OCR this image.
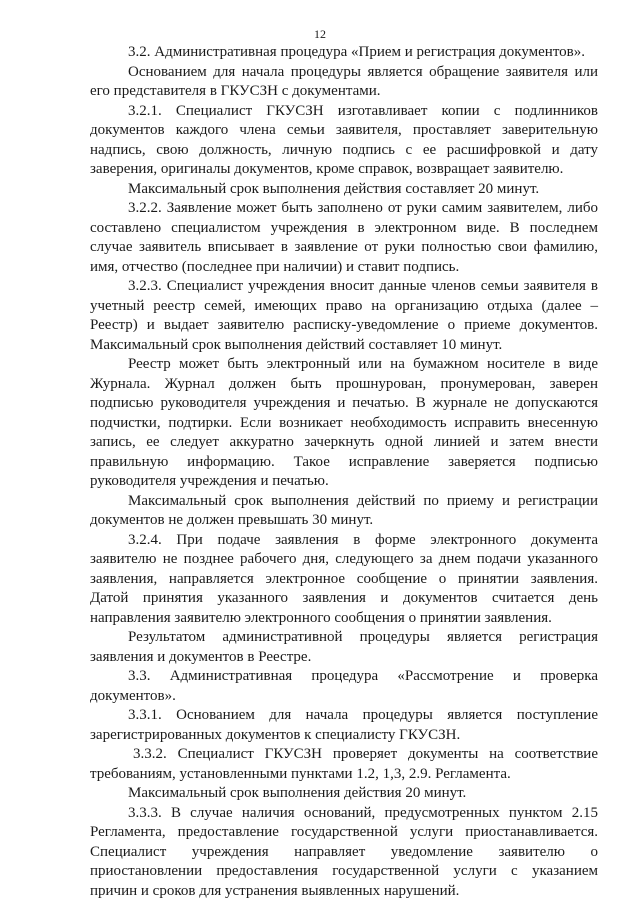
12
3.2. Административная процедура «Прием и регистрация документов».
Основанием для начала процедуры является обращение заявителя или
его представителя в ГКУСЗН с документами.
3.2.1. Специалист ГКУСЗН изготавливает копии с подлинников
документов каждого члена семьи заявителя, проставляет заверительную
надпись, свою должность, личную подпись с ее расшифровкой и дату
заверения, оригиналы документов, кроме справок, возвращает заявителю.
Максимальный срок выполнения действия составляет 20 минут.
3.2.2. Заявление может быть заполнено от руки самим заявителем, либо
составлено специалистом учреждения в электронном виде. В последнем
случае заявитель вписывает в заявление от руки полностью свои фамилию,
имя, отчество (последнее при наличии) и ставит подпись.
3.2.3. Специалист учреждения вносит данные членов семьи заявителя в
учетный реестр семей, имеющих право на организацию отдыха (далее –
Реестр) и выдает заявителю расписку-уведомление о приеме документов.
Максимальный срок выполнения действий составляет 10 минут.
Реестр может быть электронный или на бумажном носителе в виде
Журнала. Журнал должен быть прошнурован, пронумерован, заверен
подписью руководителя учреждения и печатью. В журнале не допускаются
подчистки, подтирки. Если возникает необходимость исправить внесенную
запись, ее следует аккуратно зачеркнуть одной линией и затем внести
правильную информацию. Такое исправление заверяется подписью
руководителя учреждения и печатью.
Максимальный срок выполнения действий по приему и регистрации
документов не должен превышать 30 минут.
3.2.4. При подаче заявления в форме электронного документа
заявителю не позднее рабочего дня, следующего за днем подачи указанного
заявления, направляется электронное сообщение о принятии заявления.
Датой принятия указанного заявления и документов считается день
направления заявителю электронного сообщения о принятии заявления.
Результатом административной процедуры является регистрация
заявления и документов в Реестре.
3.3. Административная процедура «Рассмотрение и проверка
документов».
3.3.1. Основанием для начала процедуры является поступление
зарегистрированных документов к специалисту ГКУСЗН.
3.3.2. Специалист ГКУСЗН проверяет документы на соответствие
требованиям, установленными пунктами 1.2, 1,3, 2.9. Регламента.
Максимальный срок выполнения действия 20 минут.
3.3.3. В случае наличия оснований, предусмотренных пунктом 2.15
Регламента, предоставление государственной услуги приостанавливается.
Специалист учреждения направляет уведомление заявителю о
приостановлении предоставления государственной услуги с указанием
причин и сроков для устранения выявленных нарушений.
